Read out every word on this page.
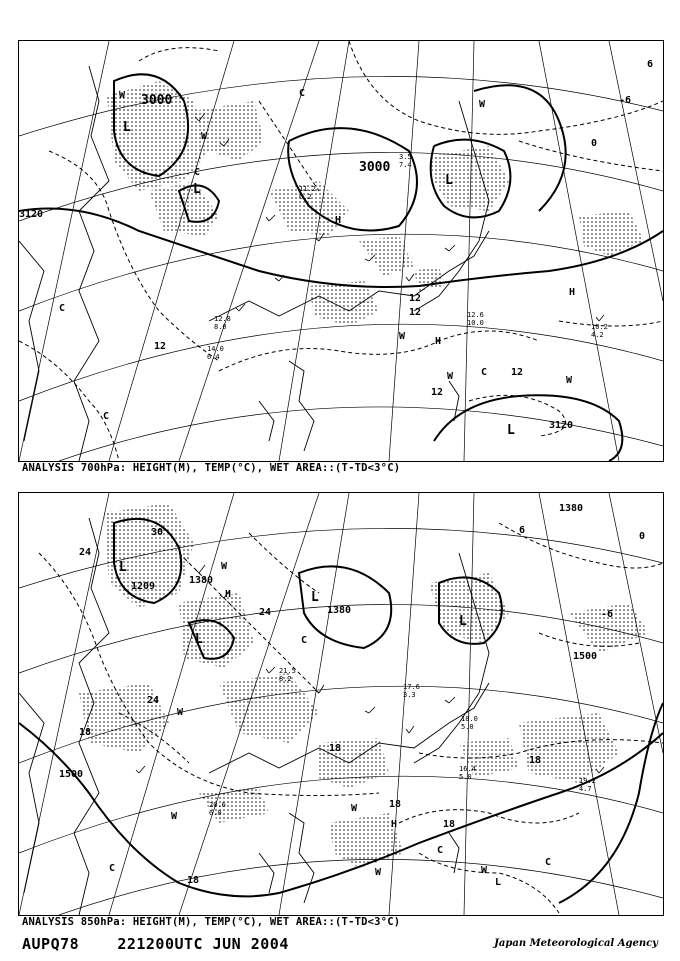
3000
3000
3120
3120
12
12
12
12
12
-6
0
6
L
L
L
L
H
H
H
W
W
W
W
W	W
C
C
C
C
C
10.2
4.2
12.6
10.0
12.8
8.0
14.0
6.4
11.2
6.2
3.5
7.4
ANALYSIS 700hPa: HEIGHT(M), TEMP(°C), WET AREA::(T-TD<3°C)
1380
1380
1380
1500
1500
1209
24
24
24
18
18
18
18
18
18
-6
0
6
30
L
L
L
L
L
H
H
W
W
W
W
W	W
C
C
C
C
16.4
5.0	19.2
4.7
18.0
5.0
20.6
6.0
21.5
8.2
17.6
3.3
ANALYSIS 850hPa: HEIGHT(M), TEMP(°C), WET AREA::(T-TD<3°C)
AUPQ78	221200UTC JUN 2004	Japan Meteorological Agency
